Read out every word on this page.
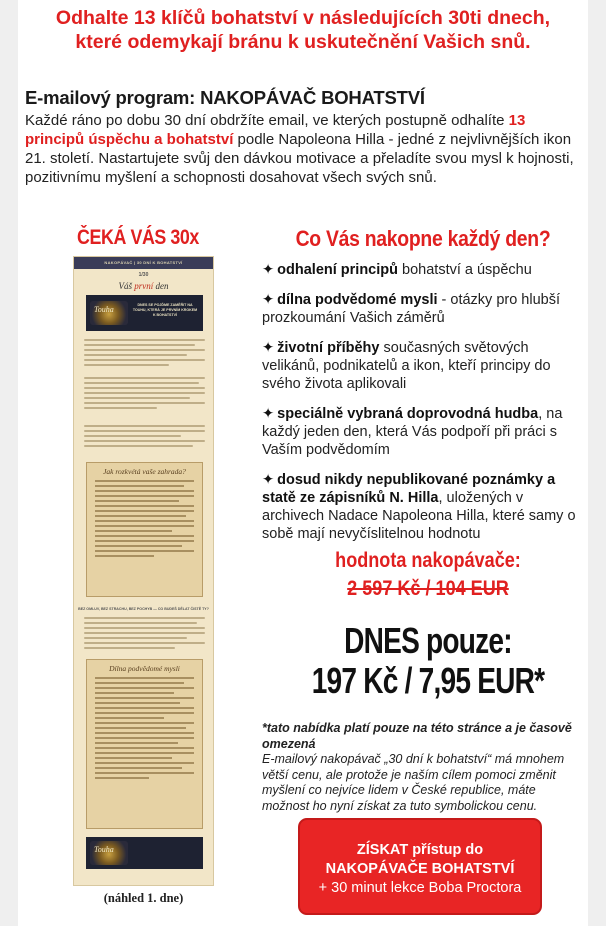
Odhalte 13 klíčů bohatství v následujících 30ti dnech,
které odemykají bránu k uskutečnění Vašich snů.
E-mailový program: NAKOPÁVAČ BOHATSTVÍ

Každé ráno po dobu 30 dní obdržíte email, ve kterých postupně odhalíte 13 principů úspěchu a bohatství podle Napoleona Hilla - jedné z nejvlivnějších ikon 21. století. Nastartujete svůj den dávkou motivace a přeladíte svou mysl k hojnosti, pozitivnímu myšlení a schopnosti dosahovat všech svých snů.

ČEKÁ VÁS 30x
NAKOPÁVAČ | 30 DNÍ K BOHATSTVÍ
1/30
Váš první den
Touha	DNES SE POJĎME ZAMĚŘIT NA TOUHU, KTERÁ JE PRVNÍM KROKEM K BOHATSTVÍ
Jak rozkvétá vaše zahrada?
BEZ OMLUV, BEZ STRACHU, BEZ POCHYB — CO BUDEŠ DĚLAT ČISTĚ TY?
Dílna podvědomé mysli
Touha
(náhled 1. dne)
Co Vás nakopne každý den?
✦ odhalení principů bohatství a úspěchu
✦ dílna podvědomé mysli - otázky pro hlubší prozkoumání Vašich záměrů
✦ životní příběhy současných světových velikánů, podnikatelů a ikon, kteří principy do svého života aplikovali
✦ speciálně vybraná doprovodná hudba, na každý jeden den, která Vás podpoří při práci s Vaším podvědomím
✦ dosud nikdy nepublikované poznámky a statě ze zápisníků N. Hilla, uložených v archivech Nadace Napoleona Hilla, které samy o sobě mají nevyčíslitelnou hodnotu
hodnota nakopávače:
2 597 Kč / 104 EUR
DNES pouze:
197 Kč / 7,95 EUR*
*tato nabídka platí pouze na této stránce a je časově omezená
E-mailový nakopávač „30 dní k bohatství“ má mnohem větší cenu, ale protože je naším cílem pomoci změnit myšlení co nejvíce lidem v České republice, máte možnost ho nyní získat za tuto symbolickou cenu.
ZÍSKAT přístup do
NAKOPÁVAČE BOHATSTVÍ
+ 30 minut lekce Boba Proctora
